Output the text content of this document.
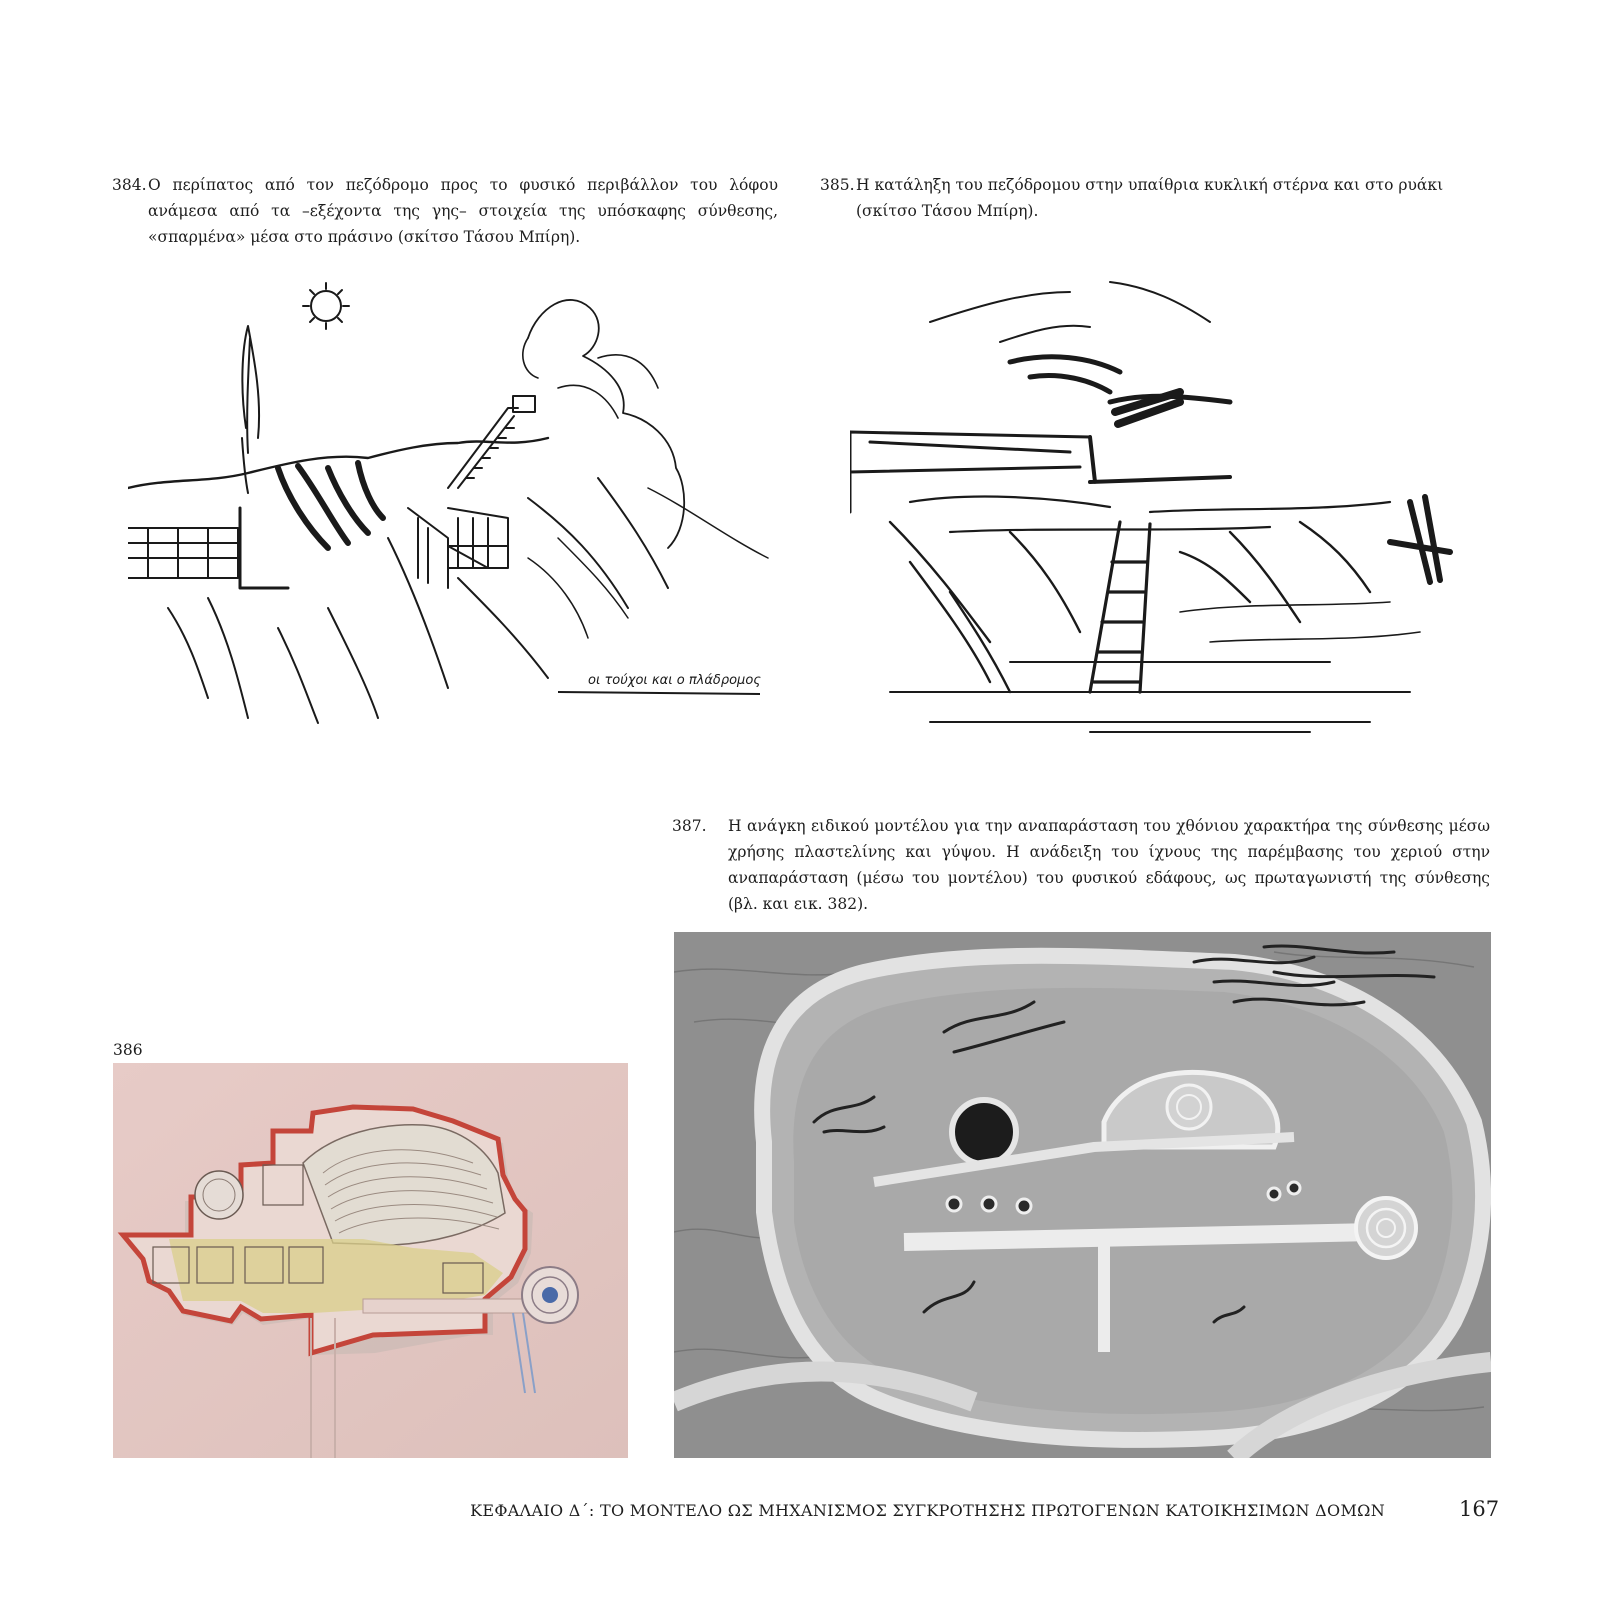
384. Ο περίπατος από τον πεζόδρομο προς το φυσικό περιβάλλον του λόφου ανάμεσα από τα –εξέχοντα της γης– στοιχεία της υπόσκαφης σύνθεσης, «σπαρμένα» μέσα στο πράσινο (σκίτσο Τάσου Μπίρη).
385. Η κατάληξη του πεζόδρομου στην υπαίθρια κυκλική στέρνα και στο ρυάκι (σκίτσο Τάσου Μπίρη).
οι τούχοι και ο πλάδρομος
387. Η ανάγκη ειδικού μοντέλου για την αναπαράσταση του χθόνιου χαρακτήρα της σύνθεσης μέσω χρήσης πλαστελίνης και γύψου. Η ανάδειξη του ίχνους της παρέμβασης του χεριού στην αναπαράσταση (μέσω του μοντέλου) του φυσικού εδάφους, ως πρωταγωνιστή της σύνθεσης (βλ. και εικ. 382).
386
ΚΕΦΑΛΑΙΟ Δ΄: ΤΟ ΜΟΝΤΕΛΟ ΩΣ ΜΗΧΑΝΙΣΜΟΣ ΣΥΓΚΡΟΤΗΣΗΣ ΠΡΩΤΟΓΕΝΩΝ ΚΑΤΟΙΚΗΣΙΜΩΝ ΔΟΜΩΝ	167
